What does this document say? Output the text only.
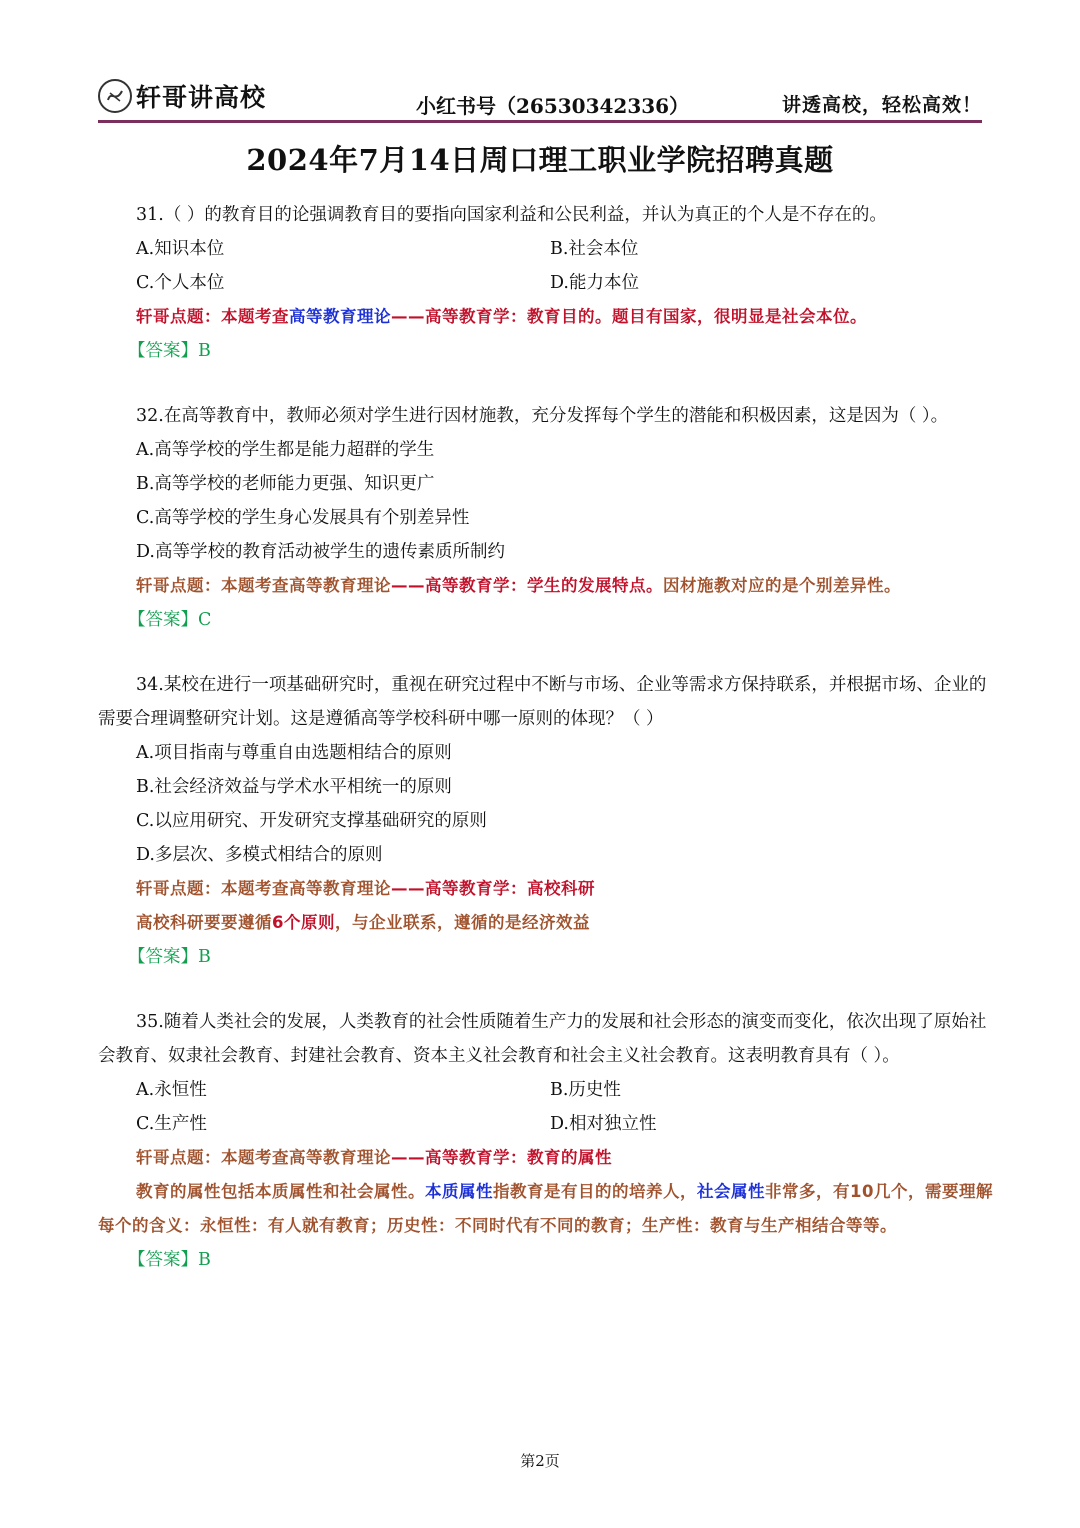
轩哥讲高校	小红书号（26530342336）	讲透高校，轻松高效！
2024年7月14日周口理工职业学院招聘真题

31.（ ）的教育目的论强调教育目的要指向国家利益和公民利益，并认为真正的个人是不存在的。

A.知识本位	B.社会本位
C.个人本位	D.能力本位
轩哥点题：本题考查高等教育理论——高等教育学：教育目的。题目有国家，很明显是社会本位。
【答案】B

32.在高等教育中，教师必须对学生进行因材施教，充分发挥每个学生的潜能和积极因素，这是因为（ ）。

A.高等学校的学生都是能力超群的学生
B.高等学校的老师能力更强、知识更广
C.高等学校的学生身心发展具有个别差异性
D.高等学校的教育活动被学生的遗传素质所制约
轩哥点题：本题考查高等教育理论——高等教育学：学生的发展特点。因材施教对应的是个别差异性。
【答案】C

34.某校在进行一项基础研究时，重视在研究过程中不断与市场、企业等需求方保持联系，并根据市场、企业的需要合理调整研究计划。这是遵循高等学校科研中哪一原则的体现？（ ）

A.项目指南与尊重自由选题相结合的原则
B.社会经济效益与学术水平相统一的原则
C.以应用研究、开发研究支撑基础研究的原则
D.多层次、多模式相结合的原则
轩哥点题：本题考查高等教育理论——高等教育学：高校科研
高校科研要要遵循6个原则，与企业联系，遵循的是经济效益
【答案】B

35.随着人类社会的发展，人类教育的社会性质随着生产力的发展和社会形态的演变而变化，依次出现了原始社会教育、奴隶社会教育、封建社会教育、资本主义社会教育和社会主义社会教育。这表明教育具有（ ）。

A.永恒性	B.历史性
C.生产性	D.相对独立性
轩哥点题：本题考查高等教育理论——高等教育学：教育的属性

教育的属性包括本质属性和社会属性。本质属性指教育是有目的的培养人，社会属性非常多，有10几个，需要理解每个的含义：永恒性：有人就有教育；历史性：不同时代有不同的教育；生产性：教育与生产相结合等等。

【答案】B
第2页
